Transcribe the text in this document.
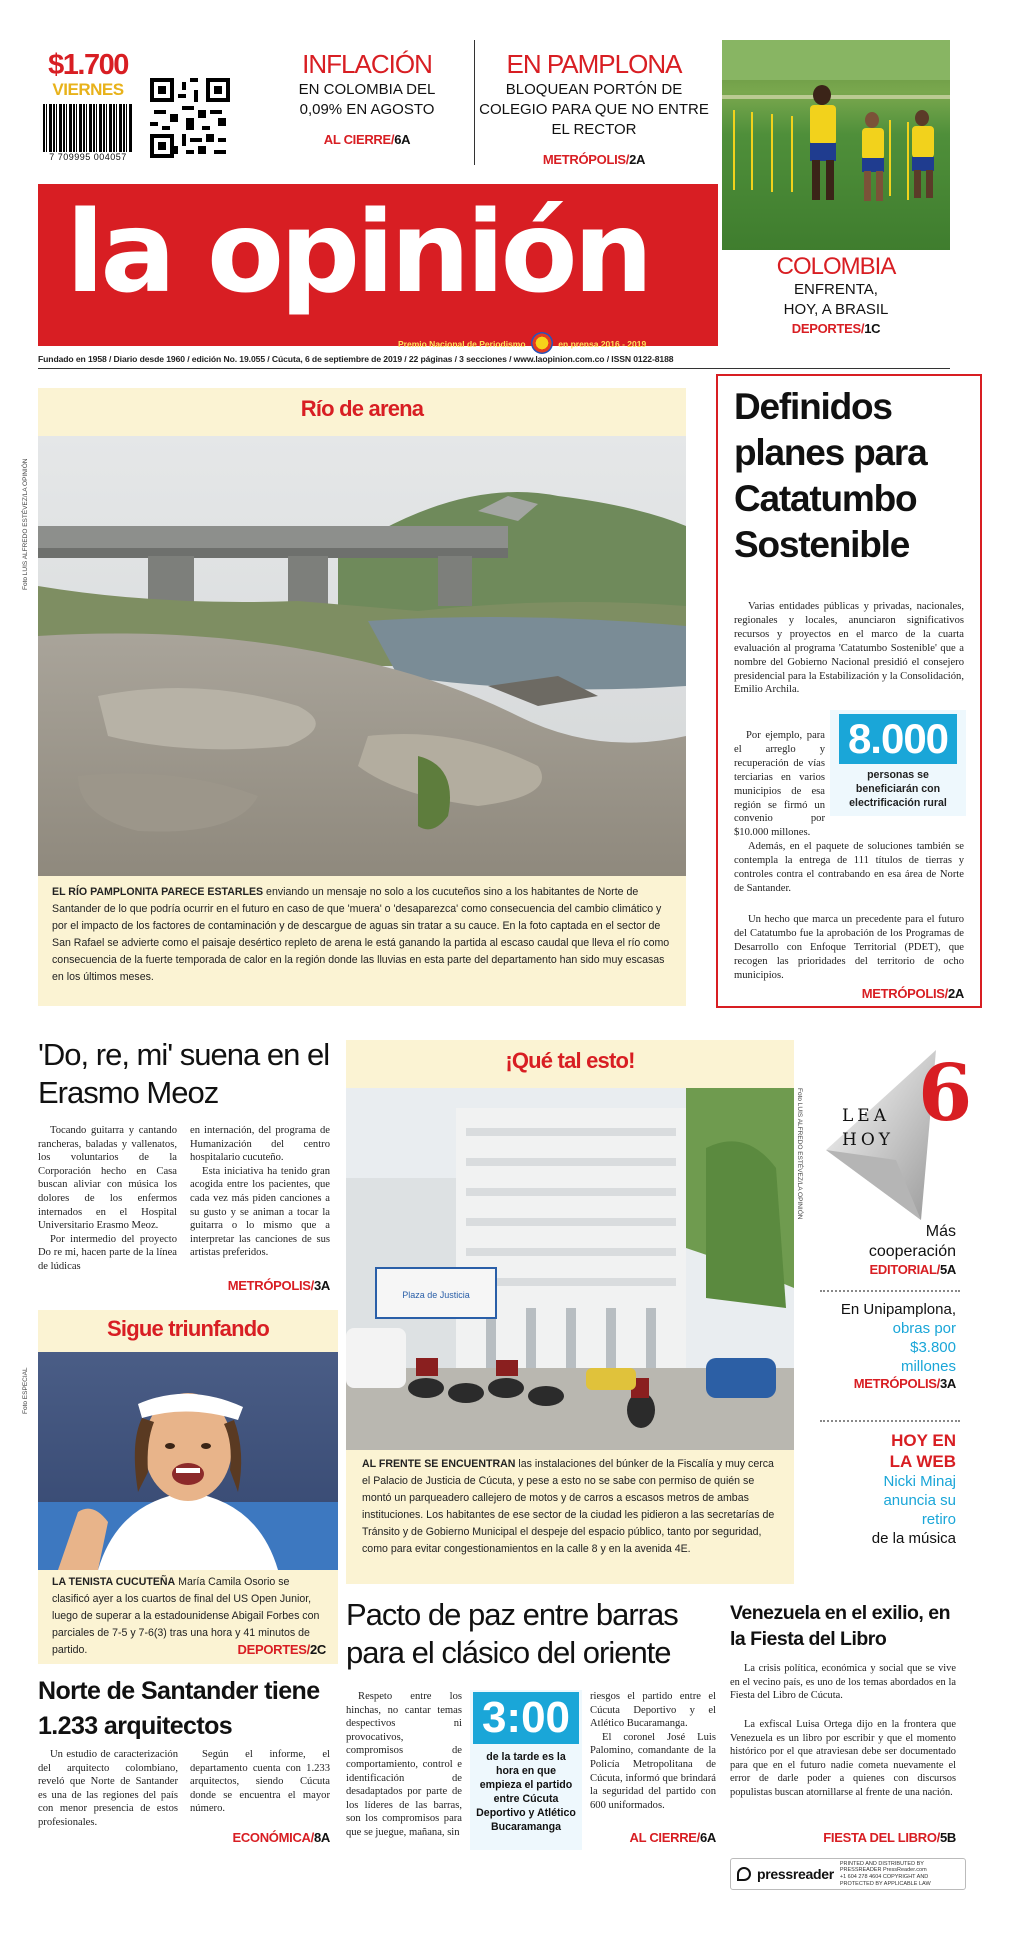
$1.700
VIERNES
7 709995 004057
INFLACIÓN
EN COLOMBIA DEL 0,09% EN AGOSTO
AL CIERRE/6A
EN PAMPLONA
BLOQUEAN PORTÓN DE COLEGIO PARA QUE NO ENTRE EL RECTOR
METRÓPOLIS/2A
la opinión
Premio Nacional de Periodismo	en prensa 2016 - 2019
COLOMBIA
ENFRENTA, HOY, A BRASIL
DEPORTES/1C
Fundado en 1958 / Diario desde 1960 / edición No. 19.055 / Cúcuta, 6 de septiembre de 2019 / 22 páginas / 3 secciones / www.laopinion.com.co / ISSN 0122-8188
Río de arena
Foto LUIS ALFREDO ESTÉVEZ/LA OPINIÓN
EL RÍO PAMPLONITA PARECE ESTARLES enviando un mensaje no solo a los cucuteños sino a los habitantes de Norte de Santander de lo que podría ocurrir en el futuro en caso de que 'muera' o 'desaparezca' como consecuencia del cambio climático y por el impacto de los factores de contaminación y de descargue de aguas sin tratar a su cauce. En la foto captada en el sector de San Rafael se advierte como el paisaje desértico repleto de arena le está ganando la partida al escaso caudal que lleva el río como consecuencia de la fuerte temporada de calor en la región donde las lluvias en esta parte del departamento han sido muy escasas en los últimos meses.
Definidos planes para Catatumbo Sostenible
Varias entidades públicas y privadas, nacionales, regionales y locales, anunciaron significativos recursos y proyectos en el marco de la cuarta evaluación al programa 'Catatumbo Sostenible' que a nombre del Gobierno Nacional presidió el consejero presidencial para la Estabilización y la Consolidación, Emilio Archila.
Por ejemplo, para el arreglo y recuperación de vías terciarias en varios municipios de esa región se firmó un convenio por $10.000 millones.
8.000
personas se beneficiarán con electrificación rural
Además, en el paquete de soluciones también se contempla la entrega de 111 títulos de tierras y controles contra el contrabando en esa área de Norte de Santander.
Un hecho que marca un precedente para el futuro del Catatumbo fue la aprobación de los Programas de Desarrollo con Enfoque Territorial (PDET), que recogen las prioridades del territorio de ocho municipios.
METRÓPOLIS/2A
'Do, re, mi' suena en el Erasmo Meoz
Tocando guitarra y cantando rancheras, baladas y vallenatos, los voluntarios de la Corporación hecho en Casa buscan aliviar con música los dolores de los enfermos internados en el Hospital Universitario Erasmo Meoz.
Por intermedio del proyecto Do re mi, hacen parte de la línea de lúdicas
en internación, del programa de Humanización del centro hospitalario cucuteño.
Esta iniciativa ha tenido gran acogida entre los pacientes, que cada vez más piden canciones a su gusto y se animan a tocar la guitarra o lo mismo que a interpretar las canciones de sus artistas preferidos.
METRÓPOLIS/3A
Sigue triunfando
Foto ESPECIAL
LA TENISTA CUCUTEÑA María Camila Osorio se clasificó ayer a los cuartos de final del US Open Junior, luego de superar a la estadounidense Abigail Forbes con parciales de 7-5 y 7-6(3) tras una hora y 41 minutos de partido.	DEPORTES/2C
¡Qué tal esto!
Foto LUIS ALFREDO ESTÉVEZ/LA OPINIÓN
Plaza de Justicia
AL FRENTE SE ENCUENTRAN las instalaciones del búnker de la Fiscalía y muy cerca el Palacio de Justicia de Cúcuta, y pese a esto no se sabe con permiso de quién se montó un parqueadero callejero de motos y de carros a escasos metros de ambas instituciones. Los habitantes de ese sector de la ciudad les pidieron a las secretarías de Tránsito y de Gobierno Municipal el despeje del espacio público, tanto por seguridad, como para evitar congestionamientos en la calle 8 y en la avenida 4E.
6
LEA
HOY
Más cooperación
EDITORIAL/5A
En Unipamplona,
obras por $3.800 millones
METRÓPOLIS/3A
HOY EN LA WEB
Nicki Minaj anuncia su retiro
de la música
Norte de Santander tiene 1.233 arquitectos
Un estudio de caracterización del arquitecto colombiano, reveló que Norte de Santander es una de las regiones del país con menor presencia de estos profesionales.
Según el informe, el departamento cuenta con 1.233 arquitectos, siendo Cúcuta donde se encuentra el mayor número.
ECONÓMICA/8A
Pacto de paz entre barras para el clásico del oriente
Respeto entre los hinchas, no cantar temas despectivos ni provocativos, compromisos de comportamiento, control e identificación de desadaptados por parte de los líderes de las barras, son los compromisos para que se juegue, mañana, sin
3:00
de la tarde es la hora en que empieza el partido entre Cúcuta Deportivo y Atlético Bucaramanga
riesgos el partido entre el Cúcuta Deportivo y el Atlético Bucaramanga.
El coronel José Luis Palomino, comandante de la Policía Metropolitana de Cúcuta, informó que brindará la seguridad del partido con 600 uniformados.
AL CIERRE/6A
Venezuela en el exilio, en la Fiesta del Libro
La crisis política, económica y social que se vive en el vecino país, es uno de los temas abordados en la Fiesta del Libro de Cúcuta.
La exfiscal Luisa Ortega dijo en la frontera que Venezuela es un libro por escribir y que el momento histórico por el que atraviesan debe ser documentado para que en el futuro nadie cometa nuevamente el error de darle poder a quienes con discursos populistas buscan atornillarse al frente de una nación.
FIESTA DEL LIBRO/5B
pressreader
PRINTED AND DISTRIBUTED BY PRESSREADER PressReader.com +1 604 278 4604 COPYRIGHT AND PROTECTED BY APPLICABLE LAW
